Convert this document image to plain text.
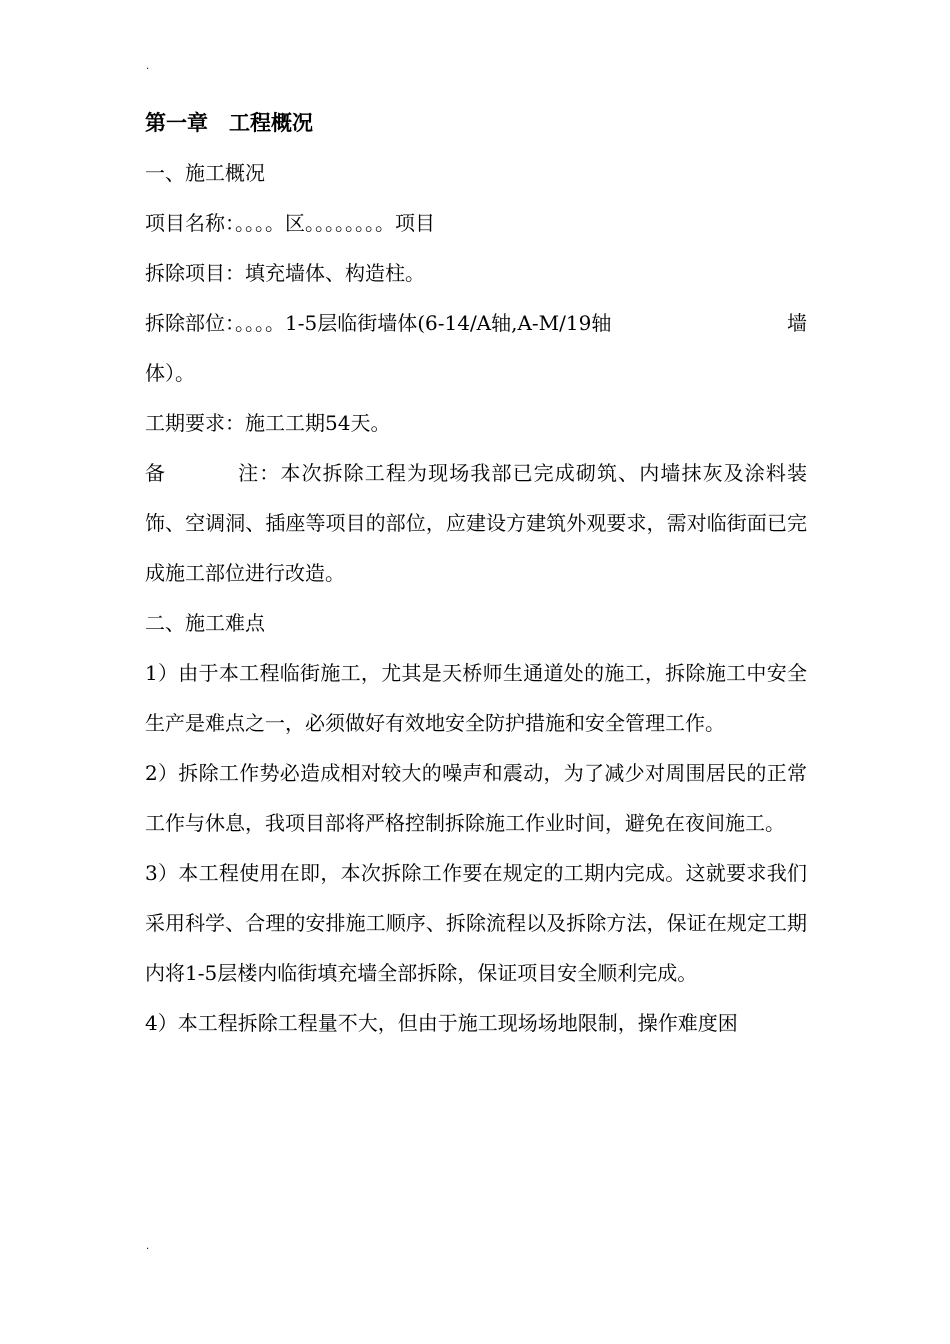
.

第一章　工程概况

一、施工概况

项目名称：。。。。区。。。。。。。。项目

拆除项目：填充墙体、构造柱。

拆除部位：。。。。1-5层临街墙体(6-14/A轴,A-M/19轴	墙

体）。

工期要求：施工工期54天。

备	注：本次拆除工程为现场我部已完成砌筑、内墙抹灰及涂料装饰、空调洞、插座等项目的部位，应建设方建筑外观要求，需对临街面已完成施工部位进行改造。

二、施工难点

1）由于本工程临街施工，尤其是天桥师生通道处的施工，拆除施工中安全生产是难点之一，必须做好有效地安全防护措施和安全管理工作。

2）拆除工作势必造成相对较大的噪声和震动，为了减少对周围居民的正常工作与休息，我项目部将严格控制拆除施工作业时间，避免在夜间施工。

3）本工程使用在即，本次拆除工作要在规定的工期内完成。这就要求我们采用科学、合理的安排施工顺序、拆除流程以及拆除方法，保证在规定工期内将1-5层楼内临街填充墙全部拆除，保证项目安全顺利完成。

4）本工程拆除工程量不大，但由于施工现场场地限制，操作难度困

.
